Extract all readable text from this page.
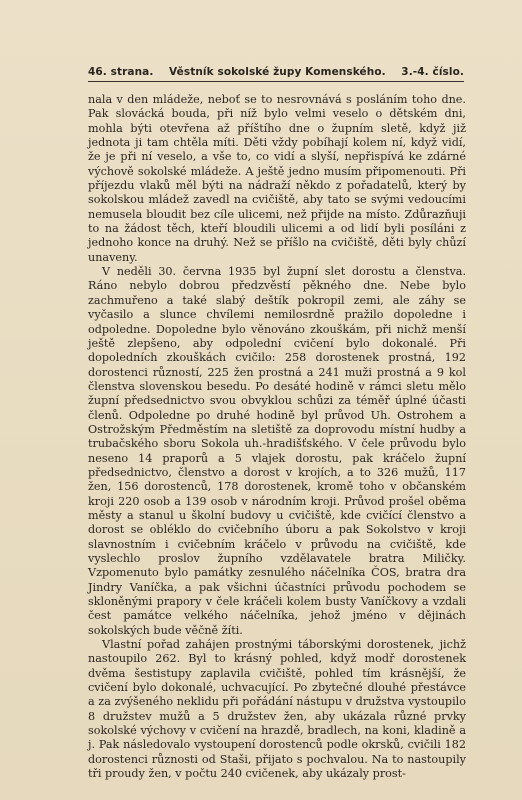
46. strana. Věstník sokolské župy Komenského. 3.-4. číslo.

nala v den mládeže, neboť se to nesrovnává s posláním toho dne. Pak slovácká bouda, při níž bylo velmi veselo o dětském dni, mohla býti otevřena až příštího dne o župním sletě, když již jednota ji tam chtěla míti. Děti vždy pobíhají kolem ní, když vidí, že je při ní veselo, a vše to, co vidí a slyší, nepřispívá ke zdárné výchově sokolské mládeže. A ještě jedno musím připomenouti. Při příjezdu vlaků měl býti na nádraží někdo z pořadatelů, který by sokolskou mládež zavedl na cvičiště, aby tato se svými vedoucími nemusela bloudit bez cíle ulicemi, než přijde na místo. Zdůrazňuji to na žádost těch, kteří bloudili ulicemi a od lidí byli posíláni z jednoho konce na druhý. Než se příšlo na cvičiště, děti byly chůzí unaveny.

V neděli 30. června 1935 byl župní slet dorostu a členstva. Ráno nebylo dobrou předzvěstí pěkného dne. Nebe bylo zachmuřeno a také slabý deštík pokropil zemi, ale záhy se vyčasilo a slunce chvílemi nemilosrdně pražilo dopoledne i odpoledne. Dopoledne bylo věnováno zkouškám, při nichž menší ještě zlepšeno, aby odpolední cvičení bylo dokonalé. Při dopoledních zkouškách cvičilo: 258 dorostenek prostná, 192 dorostenci růzností, 225 žen prostná a 241 muži prostná a 9 kol členstva slovenskou besedu. Po desáté hodině v rámci sletu mělo župní předsednictvo svou obvyklou schůzi za téměř úplné účasti členů. Odpoledne po druhé hodině byl průvod Uh. Ostrohem a Ostrožským Předměstím na sletiště za doprovodu místní hudby a trubačského sboru Sokola uh.-hradišťského. V čele průvodu bylo neseno 14 praporů a 5 vlajek dorostu, pak kráčelo župní předsednictvo, členstvo a dorost v krojích, a to 326 mužů, 117 žen, 156 dorostenců, 178 dorostenek, kromě toho v občanském kroji 220 osob a 139 osob v národním kroji. Průvod prošel oběma městy a stanul u školní budovy u cvičiště, kde cvičící členstvo a dorost se obléklo do cvičebního úboru a pak Sokolstvo v kroji slavnostním i cvičebním kráčelo v průvodu na cvičiště, kde vyslechlo proslov župního vzdělavatele bratra Miličky. Vzpomenuto bylo památky zesnulého náčelníka ČOS, bratra dra Jindry Vaníčka, a pak všichni účastníci průvodu pochodem se skloněnými prapory v čele kráčeli kolem busty Vaníčkovy a vzdali čest památce velkého náčelníka, jehož jméno v dějinách sokolských bude věčně žíti.

Vlastní pořad zahájen prostnými táborskými dorostenek, jichž nastoupilo 262. Byl to krásný pohled, když modř dorostenek dvěma šestistupy zaplavila cvičiště, pohled tím krásnější, že cvičení bylo dokonalé, uchvacující. Po zbytečné dlouhé přestávce a za zvýšeného neklidu při pořádání nástupu v družstva vystoupilo 8 družstev mužů a 5 družstev žen, aby ukázala různé prvky sokolské výchovy v cvičení na hrazdě, bradlech, na koni, kladině a j. Pak následovalo vystoupení dorostenců podle okrsků, cvičili 182 dorostenci různosti od Staši, přijato s pochvalou. Na to nastoupily tři proudy žen, v počtu 240 cvičenek, aby ukázaly prost-
